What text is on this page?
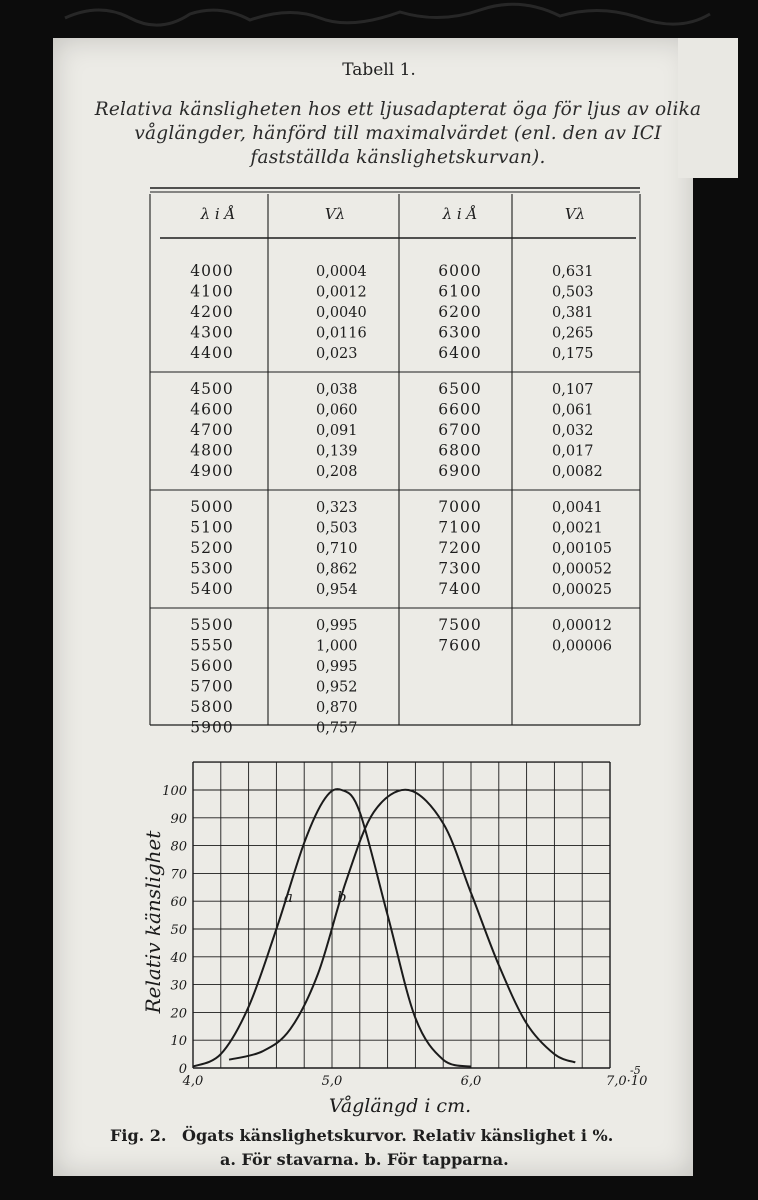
Tabell 1.
Relativa känsligheten hos ett ljusadapterat öga för ljus av olika
våglängder, hänförd till maximalvärdet (enl. den av ICI
fastställda känslighetskurvan).
λ i Å	Vλ	λ i Å	Vλ
4000	0,0004	6000	0,631
4100	0,0012	6100	0,503
4200	0,0040	6200	0,381
4300	0,0116	6300	0,265
4400	0,023	6400	0,175
4500	0,038	6500	0,107
4600	0,060	6600	0,061
4700	0,091	6700	0,032
4800	0,139	6800	0,017
4900	0,208	6900	0,0082
5000	0,323	7000	0,0041
5100	0,503	7100	0,0021
5200	0,710	7200	0,00105
5300	0,862	7300	0,00052
5400	0,954	7400	0,00025
5500	0,995	7500	0,00012
5550	1,000	7600	0,00006
5600	0,995
5700	0,952
5800	0,870
5900	0,757
0
10
20
30
40
50
60
70
80
90
100
4,0	5,0	6,0	7,0·10
-5
Våglängd i cm.
Relativ känslighet	a	b
Fig. 2. Ögats känslighetskurvor. Relativ känslighet i %.
a. För stavarna. b. För tapparna.
